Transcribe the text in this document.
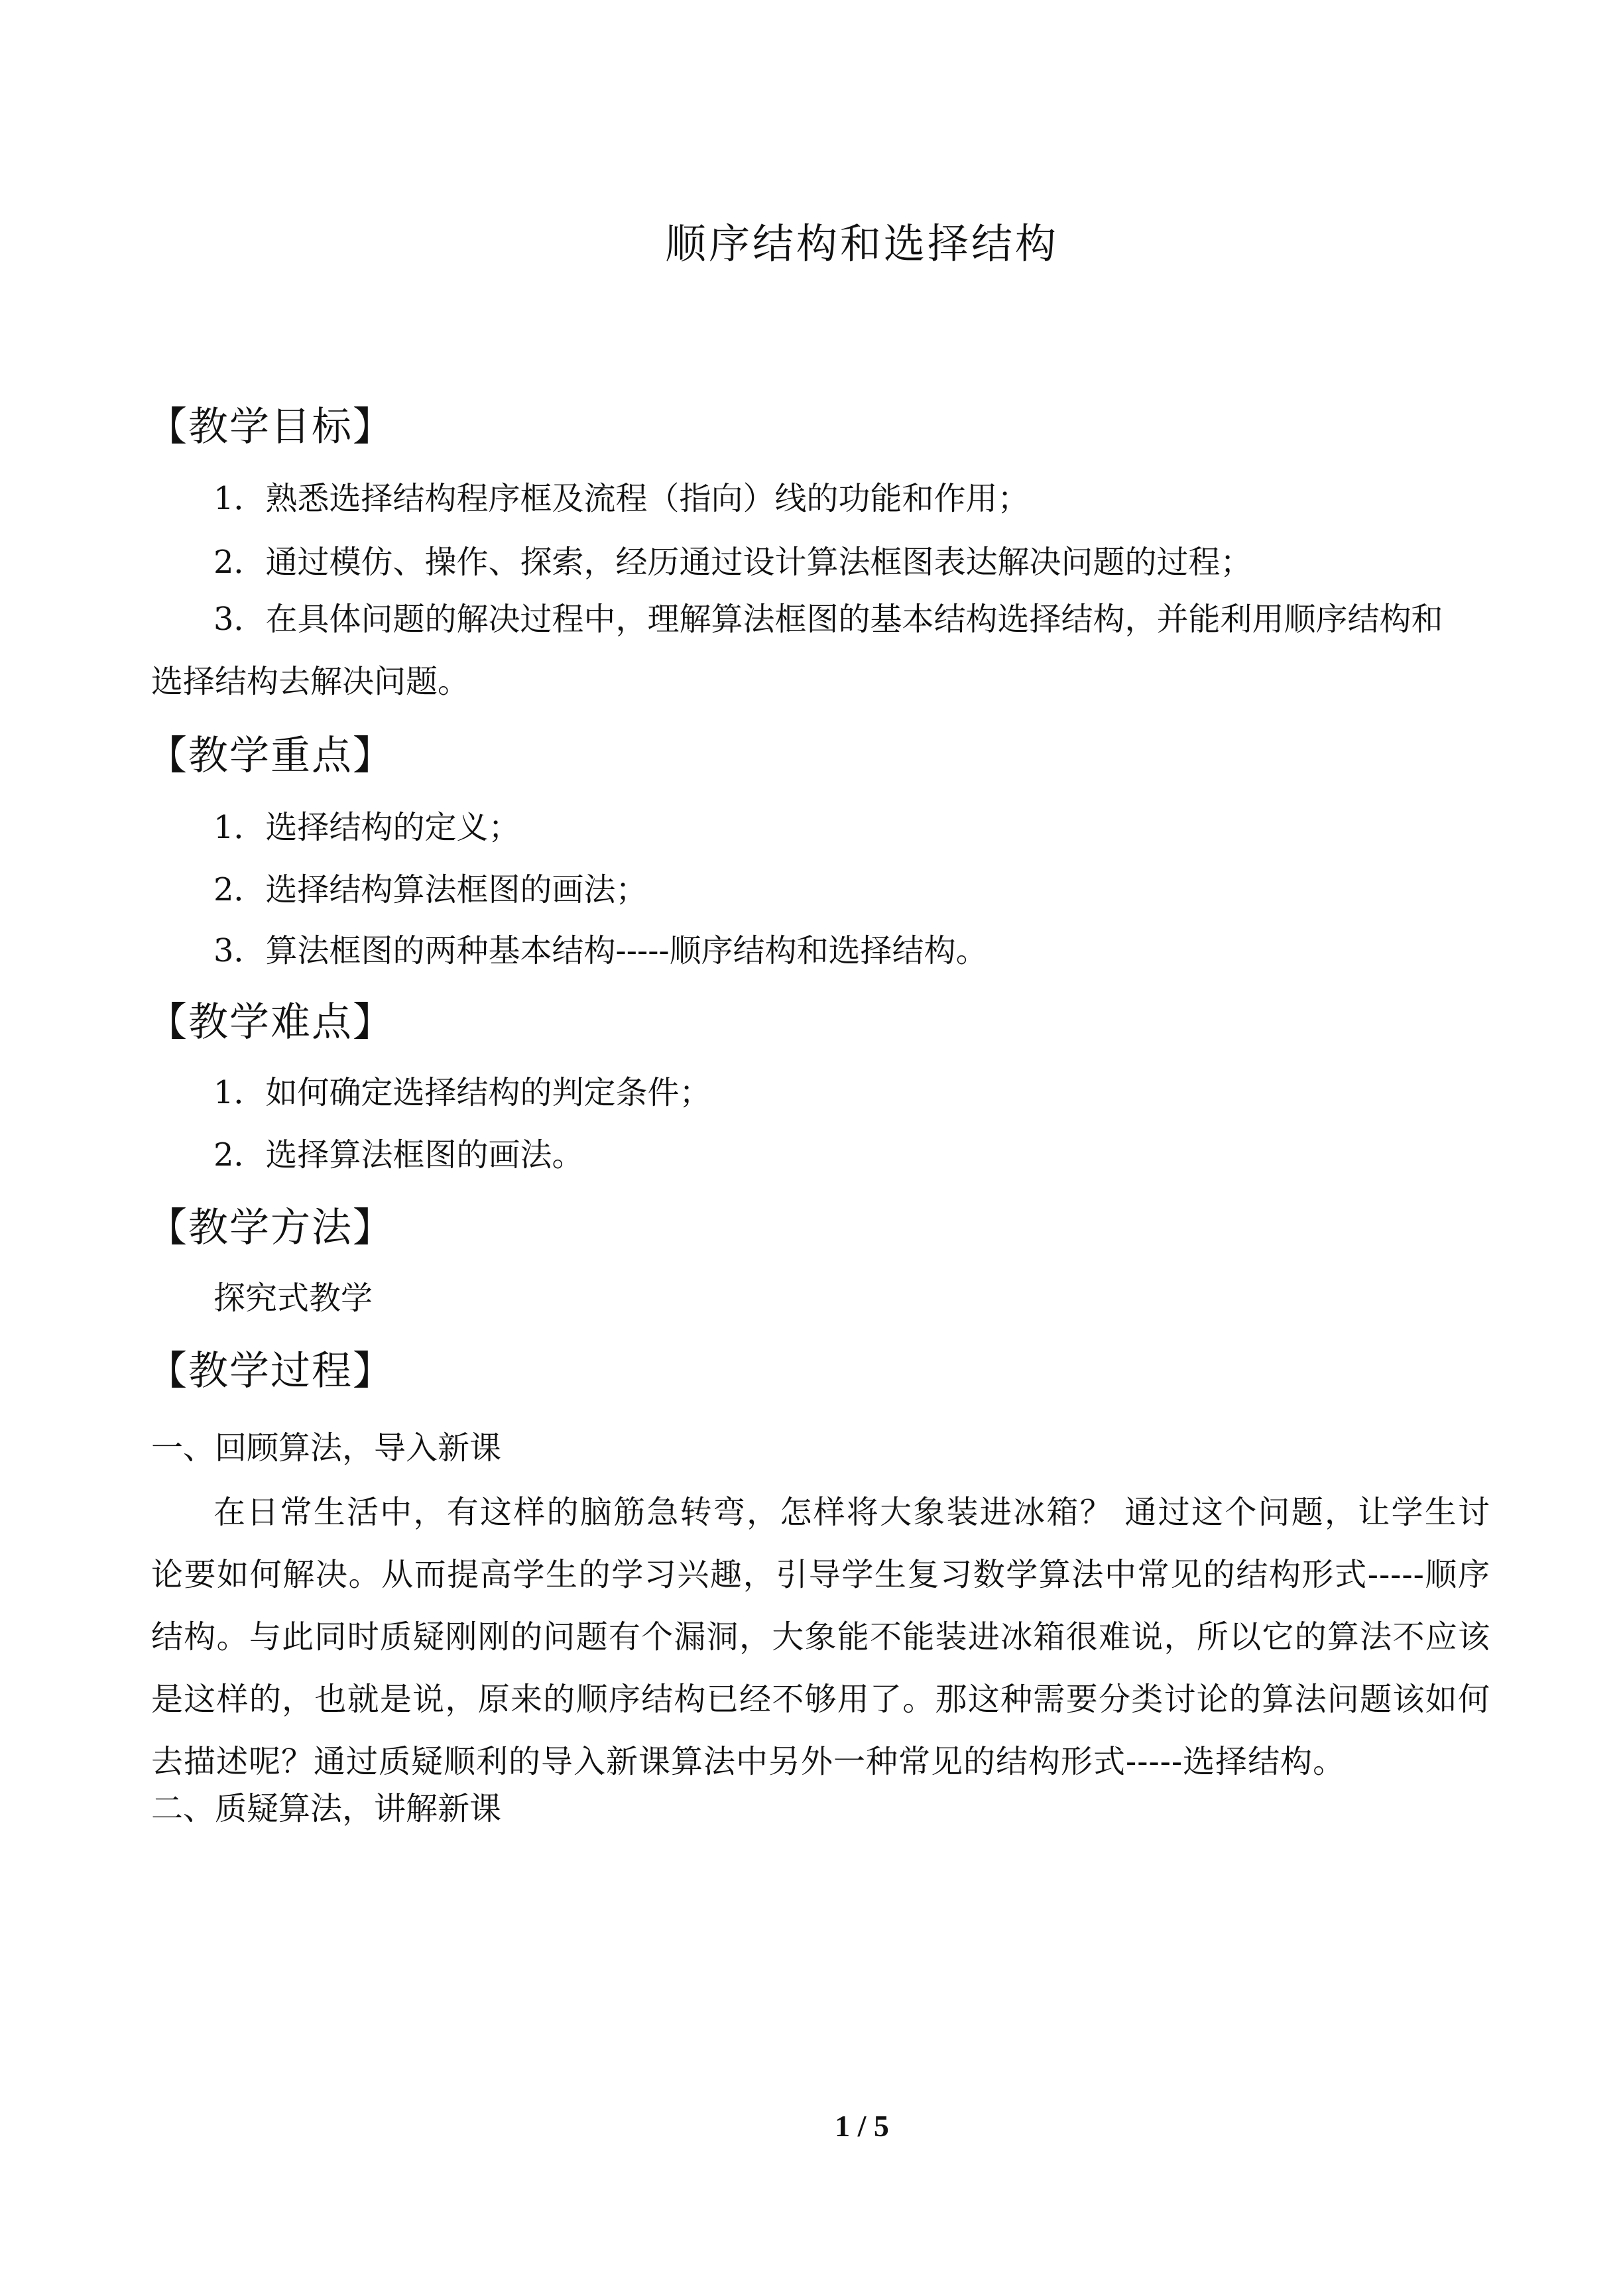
顺序结构和选择结构
【教学目标】
1．熟悉选择结构程序框及流程（指向）线的功能和作用；
2．通过模仿、操作、探索，经历通过设计算法框图表达解决问题的过程；
3．在具体问题的解决过程中，理解算法框图的基本结构选择结构，并能利用顺序结构和
选择结构去解决问题。
【教学重点】
1．选择结构的定义；
2．选择结构算法框图的画法；
3．算法框图的两种基本结构-----顺序结构和选择结构。
【教学难点】
1．如何确定选择结构的判定条件；
2．选择算法框图的画法。
【教学方法】
探究式教学
【教学过程】
一、回顾算法，导入新课
在日常生活中，有这样的脑筋急转弯，怎样将大象装进冰箱？ 通过这个问题，让学生讨论要如何解决。从而提高学生的学习兴趣，引导学生复习数学算法中常见的结构形式-----顺序结构。与此同时质疑刚刚的问题有个漏洞，大象能不能装进冰箱很难说，所以它的算法不应该是这样的，也就是说，原来的顺序结构已经不够用了。那这种需要分类讨论的算法问题该如何去描述呢？通过质疑顺利的导入新课算法中另外一种常见的结构形式-----选择结构。
二、质疑算法，讲解新课
1 / 5
